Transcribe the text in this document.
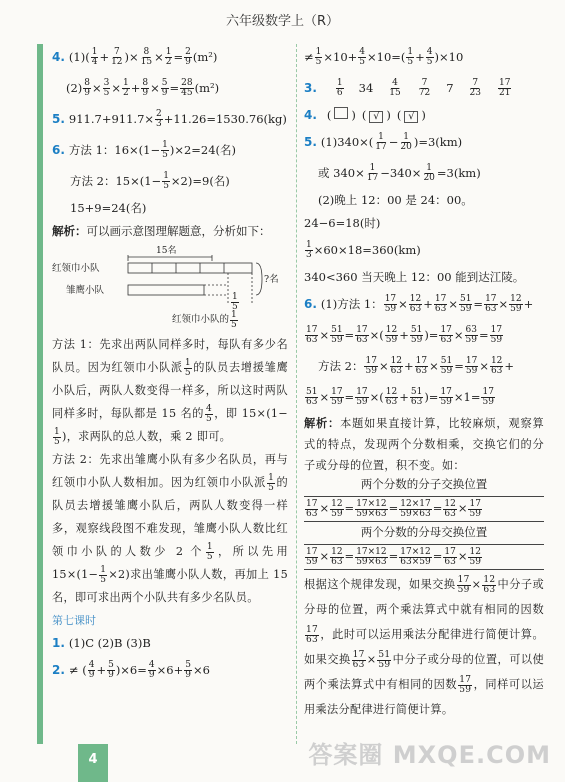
六年级数学上（R）
4. $(1)( \frac{1}{4} + \frac{7}{12}$ )× $\frac{8}{15} \times \frac{1}{2} = \frac{2}{9} (m^2)$
$(2) \frac{8}{9} \times \frac{3}{5} \times \frac{1}{2} + \frac{8}{9} \times \frac{5}{9} = \frac{28}{45} (m^2)$
5. $911.7+911.7\times \frac{2}{3} +11.26=1530.76(kg)$
6. 方法 1：$16\times(1- \frac{1}{5} )\times 2=24$(名)
方法 2：$15\times(1- \frac{1}{5} \times 2)=9$(名)
15+9=24(名)
解析： 可以画示意图理解题意，分析如下：
15名
红领巾小队
雏鹰小队
?名
$\frac{1}{5}$
红领巾小队的 $\frac{1}{5}$
方法 1：先求出两队同样多时，每队有多少名队员。因为红领巾小队派 $\frac{1}{5}$ 的队员去增援雏鹰小队后，两队人数变得一样多，所以这时两队同样多时，每队都是 15 名的 $\frac{4}{5}$ ，即 15×(1−
$\frac{1}{5}$ )，求两队的总人数，乘 2 即可。
方法 2：先求出雏鹰小队有多少名队员，再与红领巾小队人数相加。因为红领巾小队派 $\frac{1}{5}$ 的队员去增援雏鹰小队后，两队人数变得一样多，观察线段图不难发现，雏鹰小队人数比红领巾小队的人数少 2 个 $\frac{1}{5}$ ，所以先用 $15\times(1- \frac{1}{5} \times 2)$求出雏鹰小队人数，再加上 15 名，即可求出两个小队共有多少名队员。
第七课时
1. (1)C (2)B (3)B
2. ≠ ( $\frac{4}{9} + \frac{5}{9} )\times 6= \frac{4}{9} \times 6+ \frac{5}{9} \times 6$
≠ $\frac{1}{5} \times 10+ \frac{4}{5} \times 10=( \frac{1}{5} + \frac{4}{5} )\times 10$
3. $\frac{1}{6} 34 \frac{4}{15} \frac{7}{72} 7 \frac{7}{23} \frac{17}{21}$
4. ( ) ( √ ) ( √ )
5. $(1)340\times( \frac{1}{17} - \frac{1}{20} )=3(km)$
或 $340\times \frac{1}{17} -340\times \frac{1}{20} =3(km)$
(2)晚上 12：00 是 24：00。
24−6=18(时)
$\frac{1}{3} \times 60\times 18=360(km)$
340<360 当天晚上 12：00 能到达江陵。
6. (1)方法 1： $\frac{17}{59} \times \frac{12}{63} + \frac{17}{63} \times \frac{51}{59} = \frac{17}{63} \times \frac{12}{59}$ +
$\frac{17}{63} \times \frac{51}{59} = \frac{17}{63}$ ×( $\frac{12}{59} + \frac{51}{59}$ )= $\frac{17}{63} \times \frac{63}{59} = \frac{17}{59}$
方法 2： $\frac{17}{59} \times \frac{12}{63} + \frac{17}{63} \times \frac{51}{59} = \frac{17}{59} \times \frac{12}{63}$ +
$\frac{51}{63} \times \frac{17}{59} = \frac{17}{59}$ ×( $\frac{12}{63} + \frac{51}{63}$ )= $\frac{17}{59} \times 1= \frac{17}{59}$
解析：本题如果直接计算，比较麻烦，观察算式的特点，发现两个分数相乘，交换它们的分子或分母的位置，积不变。如：
两个分数的分子交换位置
$\frac{17}{63} \times \frac{12}{59} = \frac{17\times 12}{59\times 63} = \frac{12\times 17}{59\times 63} = \frac{12}{63} \times \frac{17}{59}$
两个分数的分母交换位置
$\frac{17}{59} \times \frac{12}{63} = \frac{17\times 12}{59\times 63} = \frac{17\times 12}{63\times 59} = \frac{17}{63} \times \frac{12}{59}$
根据这个规律发现，如果交换 $\frac{17}{59} \times \frac{12}{63}$ 中分子或分母的位置，两个乘法算式中就有相同的因数
$\frac{17}{63}$ ，此时可以运用乘法分配律进行简便计算。如果交换 $\frac{17}{63} \times \frac{51}{59}$ 中分子或分母的位置，可以使两个乘法算式中有相同的因数 $\frac{17}{59}$ ，同样可以运用乘法分配律进行简便计算。
4	答案圈 MXQE.COM
